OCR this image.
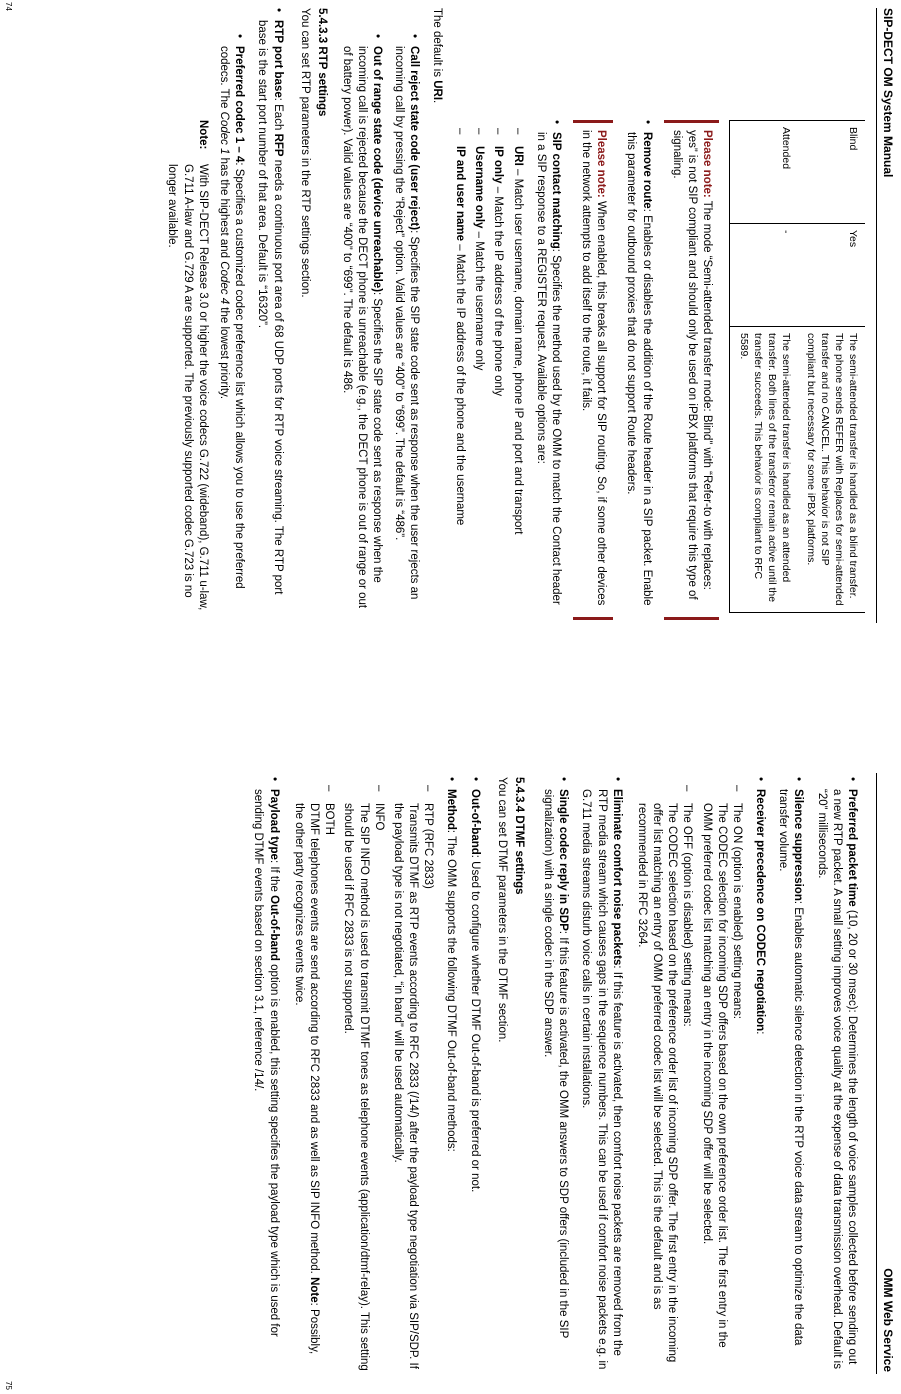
SIP-DECT OM System Manual
Blind	Yes	The semi-attended transfer is handled as a blind transfer. The phone sends REFER with Replaces for semi-attended transfer and no CANCEL. This behavior is not SIP compliant but necessary for some iPBX platforms.
Attended	-	The semi-attended transfer is handled as an attended transfer. Both lines of the transferor remain active until the transfer succeeds. This behavior is compliant to RFC 5589.
Please note: The mode “Semi-attended transfer mode: Blind” with “Refer-to with replaces: yes” is not SIP compliant and should only be used on iPBX platforms that require this type of signaling.
•
Remove route: Enables or disables the addition of the Route header in a SIP packet. Enable this parameter for outbound proxies that do not support Route headers.
Please note: When enabled, this breaks all support for SIP routing. So, if some other devices in the network attempts to add itself to the route, it fails.
•
SIP contact matching: Specifies the method used by the OMM to match the Contact header in a SIP response to a REGISTER request. Available options are:
–
URI – Match user username, domain name, phone IP and port and transport
–
IP only – Match the IP address of the phone only
–
Username only – Match the username only
–
IP and user name – Match the IP address of the phone and the username

The default is URI.

•
Call reject state code (user reject): Specifies the SIP state code sent as response when the user rejects an incoming call by pressing the “Reject” option. Valid values are “400” to “699”. The default is “486”.
•
Out of range state code (device unreachable): Specifies the SIP state code sent as response when the incoming call is rejected because the DECT phone is unreachable (e.g., the DECT phone is out of range or out of battery power). Valid values are “400” to “699”. The default is 486.
5.4.3.3 RTP settings

You can set RTP parameters in the RTP settings section.

•
RTP port base: Each RFP needs a continuous port area of 68 UDP ports for RTP voice streaming. The RTP port base is the start port number of that area. Default is “16320”.
•
Preferred codec 1 – 4: Specifies a customized codec preference list which allows you to use the preferred codecs. The Codec 1 has the highest and Codec 4 the lowest priority.
Note:
With SIP-DECT Release 3.0 or higher the voice codecs G.722 (wideband), G.711 u-law, G.711 A-law and G.729 A are supported. The previously supported codec G.723 is no longer available.
74
OMM Web Service
•
Preferred packet time (10, 20 or 30 msec): Determines the length of voice samples collected before sending out a new RTP packet. A small setting improves voice quality at the expense of data transmission overhead. Default is “20” milliseconds.
•
Silence suppression: Enables automatic silence detection in the RTP voice data stream to optimize the data transfer volume.
•
Receiver precedence on CODEC negotiation:
–
The ON (option is enabled) setting means:
The CODEC selection for incoming SDP offers based on the own preference order list. The first entry in the OMM preferred codec list matching an entry in the incoming SDP offer will be selected.
–
The OFF (option is disabled) setting means:
The CODEC selection based on the preference order list of incoming SDP offer. The first entry in the incoming offer list matching an entry of OMM preferred codec list will be selected. This is the default and is as recommended in RFC 3264.
•
Eliminate comfort noise packets: If this feature is activated, then comfort noise packets are removed from the RTP media stream which causes gaps in the sequence numbers. This can be used if comfort noise packets e.g. in G.711 media streams disturb voice calls in certain installations.
•
Single codec reply in SDP: If this feature is activated, the OMM answers to SDP offers (included in the SIP signalization) with a single codec in the SDP answer.
5.4.3.4 DTMF settings

You can set DTMF parameters in the DTMF section.

•
Out-of-band: Used to configure whether DTMF Out-of-band is preferred or not.
•
Method: The OMM supports the following DTMF Out-of-band methods:
–
RTP (RFC 2833)
Transmits DTMF as RTP events according to RFC 2833 (/14/) after the payload type negotiation via SIP/SDP. If the payload type is not negotiated, “in band” will be used automatically.
–
INFO
The SIP INFO method is used to transmit DTMF tones as telephone events (application/dtmf-relay). This setting should be used if RFC 2833 is not supported.
–
BOTH
DTMF telephones events are send according to RFC 2833 and as well as SIP INFO method. Note: Possibly, the other party recognizes events twice.
•
Payload type: If the Out-of-band option is enabled, this setting specifies the payload type which is used for sending DTMF events based on section 3.1, reference /14/.
75
